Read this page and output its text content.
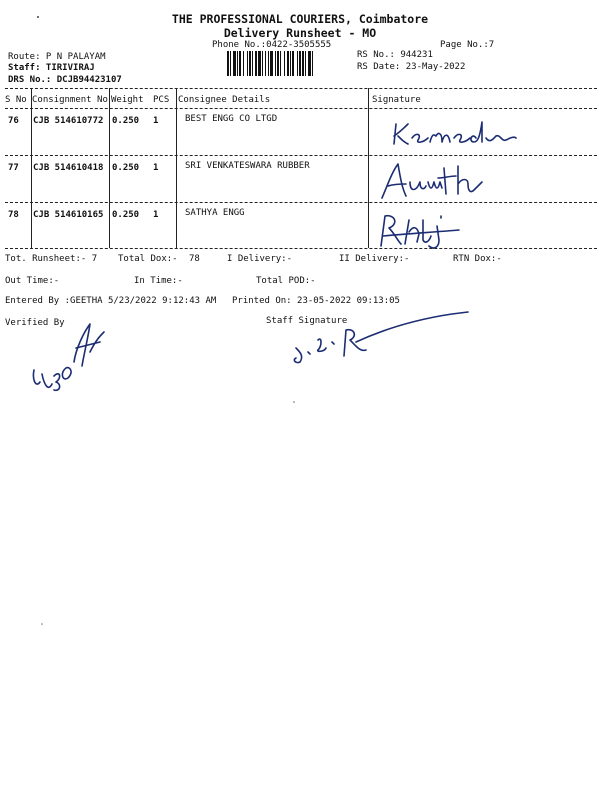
THE PROFESSIONAL COURIERS, Coimbatore
Delivery Runsheet - MO
Phone No.:0422-3505555	Page No.:7
Route: P N PALAYAM
Staff: TIRIVIRAJ
DRS No.: DCJB94423107
RS No.: 944231
RS Date: 23-May-2022
S No Consignment No Weight PCS Consignee Details	Signature
76 CJB 514610772 0.250 1	BEST ENGG CO LTGD
77 CJB 514610418 0.250 1	SRI VENKATESWARA RUBBER
78 CJB 514610165 0.250 1	SATHYA ENGG
Tot. Runsheet:- 7 Total Dox:- 78	I Delivery:-	II Delivery:-	RTN Dox:-
Out Time:-	In Time:-	Total POD:-
Entered By :GEETHA 5/23/2022 9:12:43 AM Printed On: 23-05-2022 09:13:05
Verified By	Staff Signature
